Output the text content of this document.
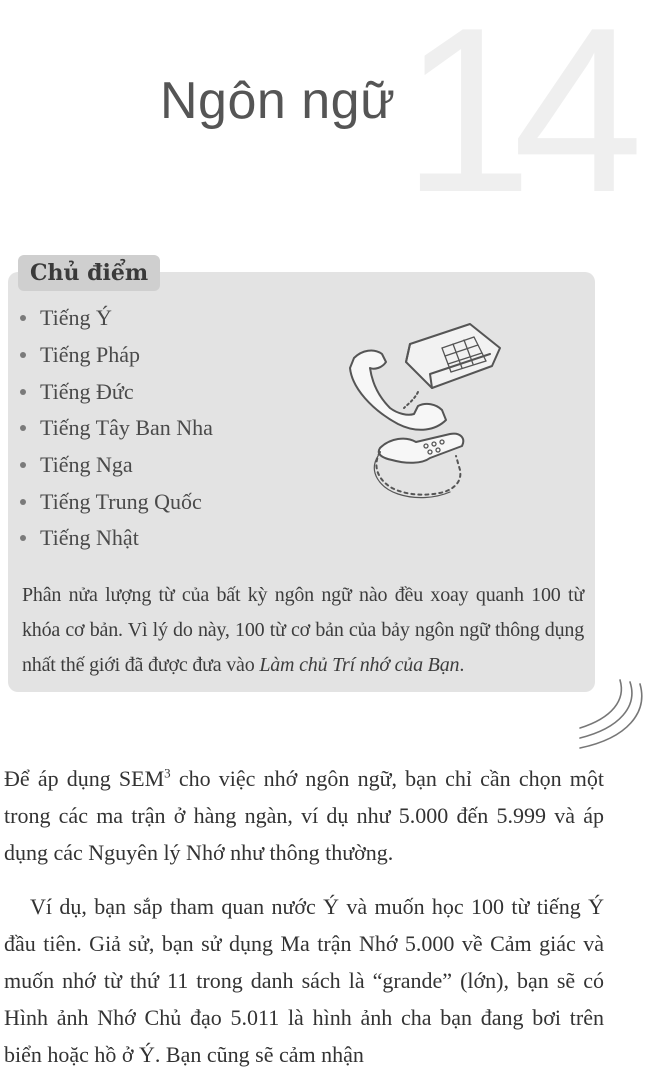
14
Ngôn ngữ
Chủ điểm
Tiếng Ý
Tiếng Pháp
Tiếng Đức
Tiếng Tây Ban Nha
Tiếng Nga
Tiếng Trung Quốc
Tiếng Nhật
Phân nửa lượng từ của bất kỳ ngôn ngữ nào đều xoay quanh 100 từ khóa cơ bản. Vì lý do này, 100 từ cơ bản của bảy ngôn ngữ thông dụng nhất thế giới đã được đưa vào Làm chủ Trí nhớ của Bạn.

Để áp dụng SEM$^3$ cho việc nhớ ngôn ngữ, bạn chỉ cần chọn một trong các ma trận ở hàng ngàn, ví dụ như 5.000 đến 5.999 và áp dụng các Nguyên lý Nhớ như thông thường.

Ví dụ, bạn sắp tham quan nước Ý và muốn học 100 từ tiếng Ý đầu tiên. Giả sử, bạn sử dụng Ma trận Nhớ 5.000 về Cảm giác và muốn nhớ từ thứ 11 trong danh sách là “grande” (lớn), bạn sẽ có Hình ảnh Nhớ Chủ đạo 5.011 là hình ảnh cha bạn đang bơi trên biển hoặc hồ ở Ý. Bạn cũng sẽ cảm nhận
